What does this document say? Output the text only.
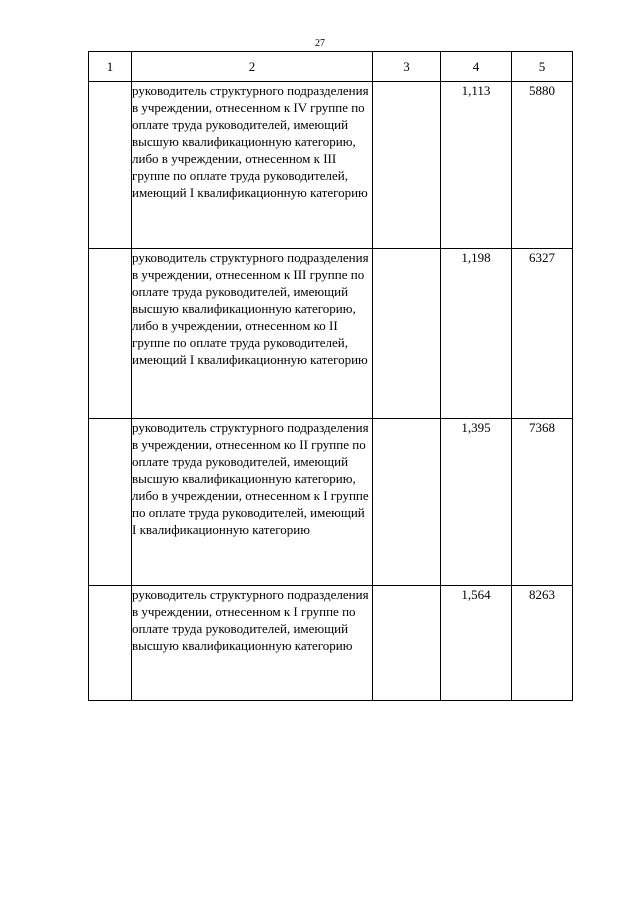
27
1	2	3	4	5
	руководитель структурного подразделения в учреждении, отнесенном к IV группе по оплате труда руководителей, имеющий высшую квалификационную категорию, либо в учреждении, отнесенном к III группе по оплате труда руководителей, имеющий I квалификационную категорию		1,113	5880
	руководитель структурного подразделения в учреждении, отнесенном к III группе по оплате труда руководителей, имеющий высшую квалификационную категорию, либо в учреждении, отнесенном ко II группе по оплате труда руководителей, имеющий I квалификационную категорию		1,198	6327
	руководитель структурного подразделения в учреждении, отнесенном ко II группе по оплате труда руководителей, имеющий высшую квалификационную категорию, либо в учреждении, отнесенном к I группе по оплате труда руководителей, имеющий I квалификационную категорию		1,395	7368
	руководитель структурного подразделения в учреждении, отнесенном к I группе по оплате труда руководителей, имеющий высшую квалификационную категорию		1,564	8263
